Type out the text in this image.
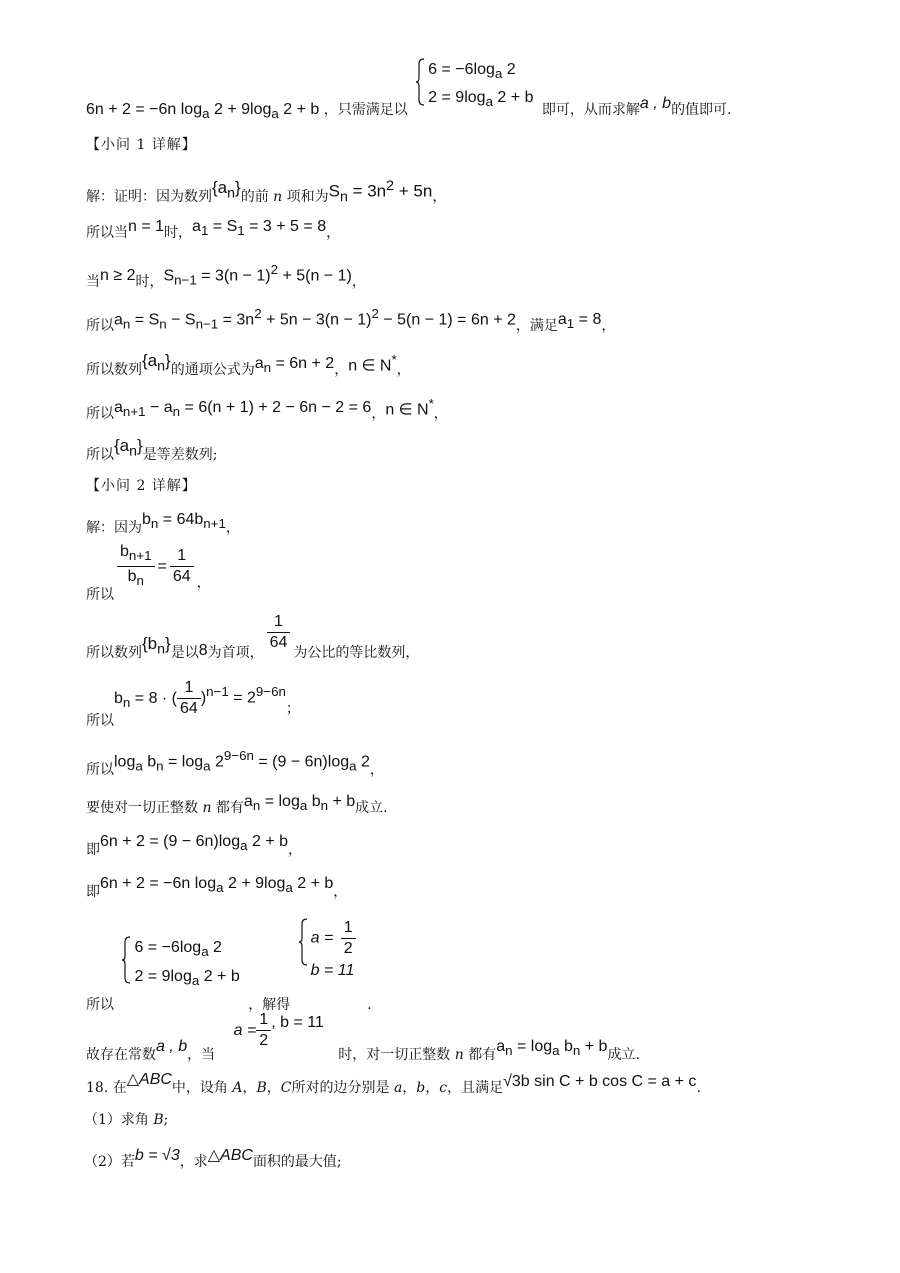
6n + 2 = −6n $\log_a 2 + 9\log_a$ 2 + b ，只需满足以
$6 = -6\log_a$ 2
$2 = 9\log_a$ 2 + b
即可，从而求解a , b的值即可.
【小问 1 详解】
解：证明：因为数列$\{a_n\}$的前 n 项和为$S_n = 3n^2 + 5n$，
所以当n = 1时，$a_1 = S_1 = 3 + 5 = 8$，
当n ≥ 2时，$S_{n-1} = 3(n - 1)^2 + 5(n - 1)$，
所以$a_n = S_n - S_{n-1} = 3n^2 + 5n - 3(n - 1)^2 - 5(n - 1) = 6n + 2$，满足$a_1 = 8$，
所以数列$\{a_n\}$的通项公式为$a_n = 6n + 2$，n ∈ N*，
所以$a_{n+1} - a_n = 6(n + 1) + 2 - 6n - 2 = 6$，n ∈ N*，
所以$\{a_n\}$是等差数列;
【小问 2 详解】
解：因为$b_n = 64b_{n+1}$，
所以
$\frac{b_{n+1}}{b_n} = \frac{1}{64}$ ，
所以数列$\{b_n\}$是以8为首项， $\frac{1}{64}$ 为公比的等比数列，
所以$b_n = 8$ · ( $\frac{1}{64} )^{n-1} = 2^{9-6n}$；
所以$\log_a b_n = \log_a 2^{9-6n} = (9 - 6n)\log_a$ 2，
要使对一切正整数 n 都有$a_n = \log_a b_n + b$成立.
即$6n + 2 = (9 - 6n)\log_a$ 2 + b，
即6n + 2 = −6n $\log_a 2 + 9\log_a$ 2 + b，
所以
$6 = -6\log_a$ 2
$2 = 9\log_a$ 2 + b
，解得
$a = \frac{1}{2}$
b = 11
.
故存在常数a , b，当 $a = \frac{1}{2}$ , b = 11 时，对一切正整数 n 都有$a_n = \log_a b_n + b$成立.
18. 在△ABC中，设角 A，B，C所对的边分别是 a，b，c，且满足√3b sin C + b cos C = a + c.
（1）求角 B;
（2）若b = √3，求△ABC面积的最大值;
